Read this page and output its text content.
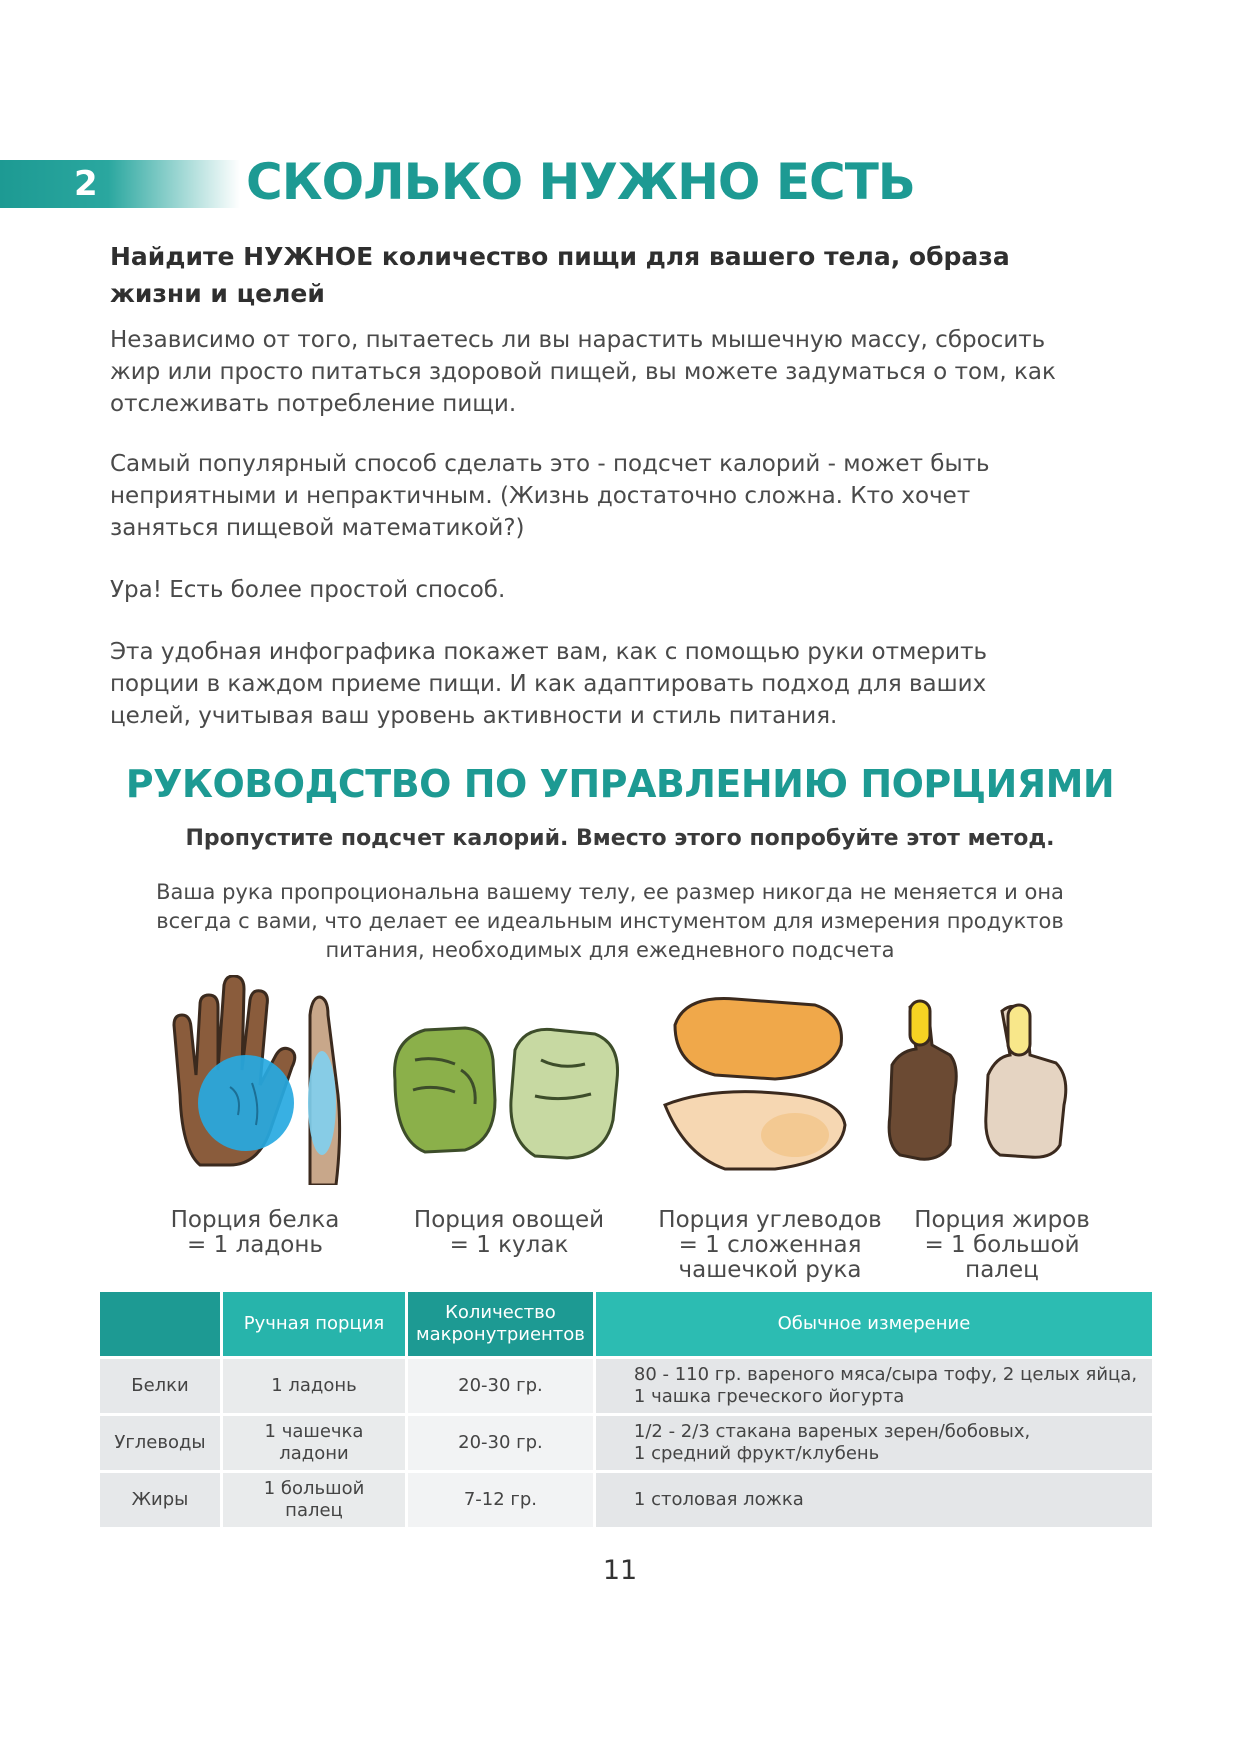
2	СКОЛЬКО НУЖНО ЕСТЬ

Найдите НУЖНОЕ количество пищи для вашего тела, образа жизни и целей

Независимо от того, пытаетесь ли вы нарастить мышечную массу, сбросить жир или просто питаться здоровой пищей, вы можете задуматься о том, как отслеживать потребление пищи.

Самый популярный способ сделать это - подсчет калорий - может быть неприятными и непрактичным. (Жизнь достаточно сложна. Кто хочет заняться пищевой математикой?)

Ура! Есть более простой способ.

Эта удобная инфографика покажет вам, как с помощью руки отмерить порции в каждом приеме пищи. И как адаптировать подход для ваших целей, учитывая ваш уровень активности и стиль питания.

РУКОВОДСТВО ПО УПРАВЛЕНИЮ ПОРЦИЯМИ

Пропустите подсчет калорий. Вместо этого попробуйте этот метод.

Ваша рука пропроциональна вашему телу, ее размер никогда не меняется и она всегда с вами, что делает ее идеальным инстументом для измерения продуктов питания, необходимых для ежедневного подсчета

Порция белка
= 1 ладонь
Порция овощей
= 1 кулак
Порция углеводов
= 1 сложенная
чашечкой рука
Порция жиров
= 1 большой
палец
	Ручная порция	Количество макронутриентов	Обычное измерение
Белки	1 ладонь	20-30 гр.	80 - 110 гр. вареного мяса/сыра тофу, 2 целых яйца,
1 чашка греческого йогурта

Углеводы	1 чашечка ладони	20-30 гр.	1/2 - 2/3 стакана вареных зерен/бобовых,
1 средний фрукт/клубень

Жиры	1 большой палец	7-12 гр.	1 столовая ложка
11
